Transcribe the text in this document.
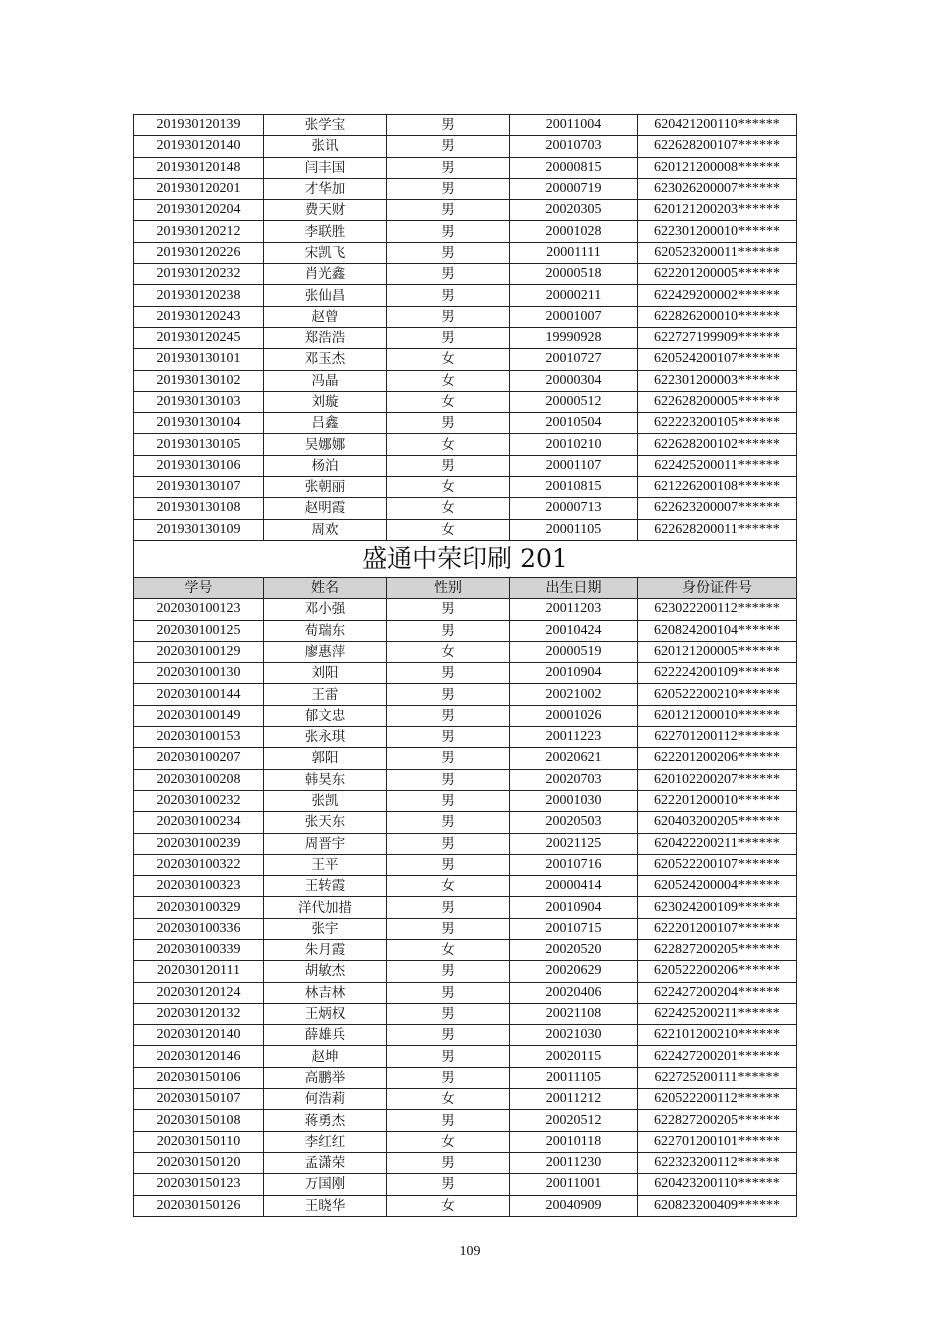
201930120139	张学宝	男	20011004	620421200110******
201930120140	张讯	男	20010703	622628200107******
201930120148	闫丰国	男	20000815	620121200008******
201930120201	才华加	男	20000719	623026200007******
201930120204	费天财	男	20020305	620121200203******
201930120212	李联胜	男	20001028	622301200010******
201930120226	宋凯飞	男	20001111	620523200011******
201930120232	肖光鑫	男	20000518	622201200005******
201930120238	张仙昌	男	20000211	622429200002******
201930120243	赵曾	男	20001007	622826200010******
201930120245	郑浩浩	男	19990928	622727199909******
201930130101	邓玉杰	女	20010727	620524200107******
201930130102	冯晶	女	20000304	622301200003******
201930130103	刘璇	女	20000512	622628200005******
201930130104	吕鑫	男	20010504	622223200105******
201930130105	吴娜娜	女	20010210	622628200102******
201930130106	杨泊	男	20001107	622425200011******
201930130107	张朝丽	女	20010815	621226200108******
201930130108	赵明霞	女	20000713	622623200007******
201930130109	周欢	女	20001105	622628200011******
盛通中荣印刷 201				
学号	姓名	性别	出生日期	身份证件号
202030100123	邓小强	男	20011203	623022200112******
202030100125	荀瑞东	男	20010424	620824200104******
202030100129	廖惠萍	女	20000519	620121200005******
202030100130	刘阳	男	20010904	622224200109******
202030100144	王雷	男	20021002	620522200210******
202030100149	郁文忠	男	20001026	620121200010******
202030100153	张永琪	男	20011223	622701200112******
202030100207	郭阳	男	20020621	622201200206******
202030100208	韩昊东	男	20020703	620102200207******
202030100232	张凯	男	20001030	622201200010******
202030100234	张天东	男	20020503	620403200205******
202030100239	周晋宇	男	20021125	620422200211******
202030100322	王平	男	20010716	620522200107******
202030100323	王转霞	女	20000414	620524200004******
202030100329	洋代加措	男	20010904	623024200109******
202030100336	张宇	男	20010715	622201200107******
202030100339	朱月霞	女	20020520	622827200205******
202030120111	胡敏杰	男	20020629	620522200206******
202030120124	林吉林	男	20020406	622427200204******
202030120132	王炳权	男	20021108	622425200211******
202030120140	薛雄兵	男	20021030	622101200210******
202030120146	赵坤	男	20020115	622427200201******
202030150106	高鹏举	男	20011105	622725200111******
202030150107	何浩莉	女	20011212	620522200112******
202030150108	蒋勇杰	男	20020512	622827200205******
202030150110	李红红	女	20010118	622701200101******
202030150120	孟潇荣	男	20011230	622323200112******
202030150123	万国刚	男	20011001	620423200110******
202030150126	王晓华	女	20040909	620823200409******
109
